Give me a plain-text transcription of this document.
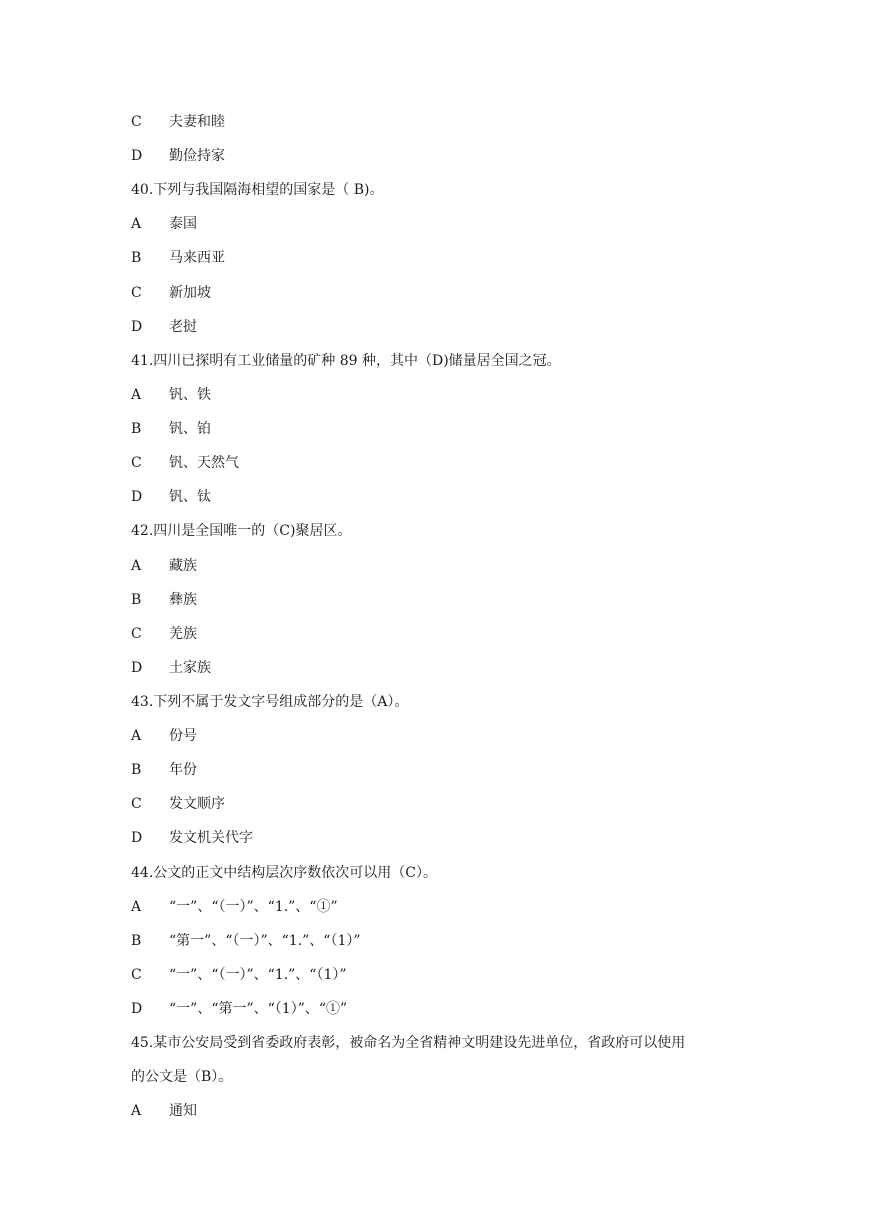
C 夫妻和睦
D 勤俭持家
40.下列与我国隔海相望的国家是（ B)。
A 泰国
B 马来西亚
C 新加坡
D 老挝
41.四川已探明有工业储量的矿种 89 种，其中（D)储量居全国之冠。
A 钒、铁
B 钒、铂
C 钒、天然气
D 钒、钛
42.四川是全国唯一的（C)聚居区。
A 藏族
B 彝族
C 羌族
D 土家族
43.下列不属于发文字号组成部分的是（A）。
A 份号
B 年份
C 发文顺序
D 发文机关代字
44.公文的正文中结构层次序数依次可以用（C）。
A “一”、“（一）”、“1.”、“①”
B “第一”、“（一）”、“1.”、“（1）”
C “一”、“（一）”、“1.”、“（1）”
D “一”、“第一”、“（1）”、“①”
45.某市公安局受到省委政府表彰，被命名为全省精神文明建设先进单位，省政府可以使用
的公文是（B）。
A 通知
